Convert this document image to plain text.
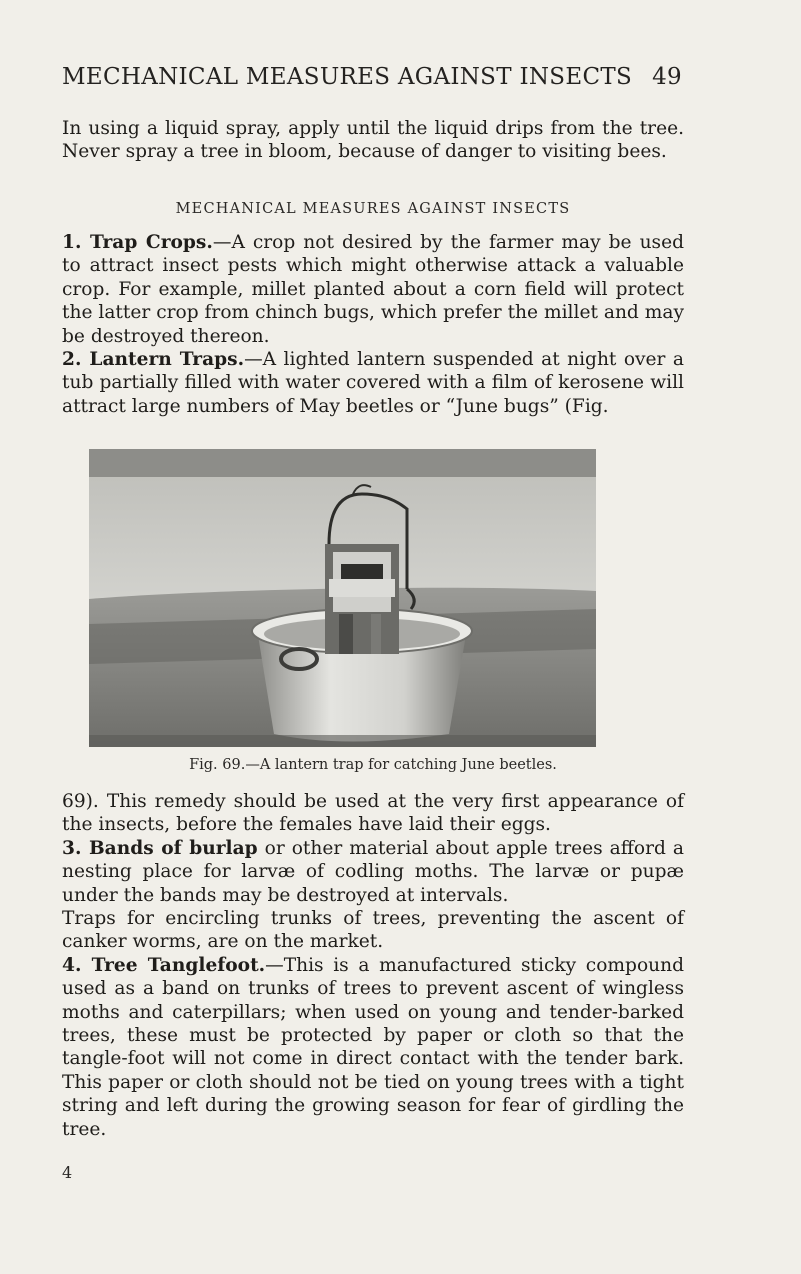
MECHANICAL MEASURES AGAINST INSECTS 49

In using a liquid spray, apply until the liquid drips from the tree. Never spray a tree in bloom, because of danger to visiting bees.

MECHANICAL MEASURES AGAINST INSECTS

1. Trap Crops.—A crop not desired by the farmer may be used to attract insect pests which might otherwise attack a valuable crop. For example, millet planted about a corn field will protect the latter crop from chinch bugs, which prefer the millet and may be destroyed thereon.

2. Lantern Traps.—A lighted lantern suspended at night over a tub partially filled with water covered with a film of kerosene will attract large numbers of May beetles or “June bugs” (Fig.

Fig. 69.—A lantern trap for catching June beetles.

69). This remedy should be used at the very first appearance of the insects, before the females have laid their eggs.

3. Bands of burlap or other material about apple trees afford a nesting place for larvæ of codling moths. The larvæ or pupæ under the bands may be destroyed at intervals.

Traps for encircling trunks of trees, preventing the ascent of canker worms, are on the market.

4. Tree Tanglefoot.—This is a manufactured sticky compound used as a band on trunks of trees to prevent ascent of wingless moths and caterpillars; when used on young and tender-barked trees, these must be protected by paper or cloth so that the tangle-foot will not come in direct contact with the tender bark. This paper or cloth should not be tied on young trees with a tight string and left during the growing season for fear of girdling the tree.

4
